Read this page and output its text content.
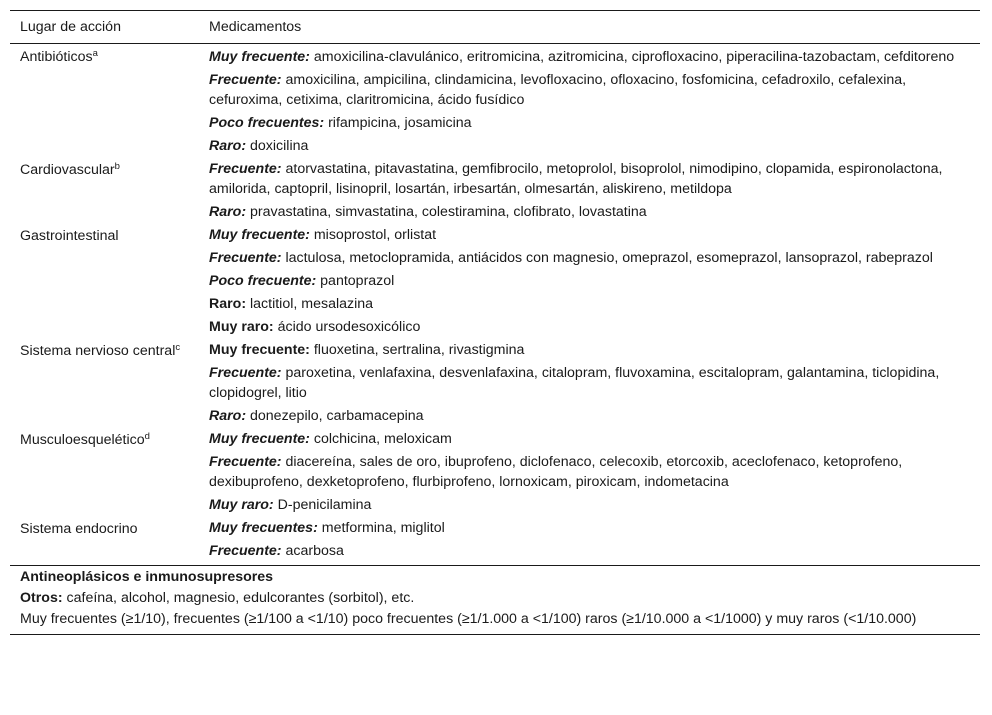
Lugar de acción	Medicamentos
Antibióticos$^a$	Muy frecuente: amoxicilina-clavulánico, eritromicina, azitromicina, ciprofloxacino, piperacilina-tazobactam, cefditoreno
	Frecuente: amoxicilina, ampicilina, clindamicina, levofloxacino, ofloxacino, fosfomicina, cefadroxilo, cefalexina, cefuroxima, cetixima, claritromicina, ácido fusídico
	Poco frecuentes: rifampicina, josamicina
	Raro: doxicilina
Cardiovascular$^b$	Frecuente: atorvastatina, pitavastatina, gemfibrocilo, metoprolol, bisoprolol, nimodipino, clopamida, espironolactona, amilorida, captopril, lisinopril, losartán, irbesartán, olmesartán, aliskireno, metildopa
	Raro: pravastatina, simvastatina, colestiramina, clofibrato, lovastatina
Gastrointestinal	Muy frecuente: misoprostol, orlistat
	Frecuente: lactulosa, metoclopramida, antiácidos con magnesio, omeprazol, esomeprazol, lansoprazol, rabeprazol
	Poco frecuente: pantoprazol
	Raro: lactitiol, mesalazina
	Muy raro: ácido ursodesoxicólico
Sistema nervioso central$^c$	Muy frecuente: fluoxetina, sertralina, rivastigmina
	Frecuente: paroxetina, venlafaxina, desvenlafaxina, citalopram, fluvoxamina, escitalopram, galantamina, ticlopidina, clopidogrel, litio
	Raro: donezepilo, carbamacepina
Musculoesquelético$^d$	Muy frecuente: colchicina, meloxicam
	Frecuente: diacereína, sales de oro, ibuprofeno, diclofenaco, celecoxib, etorcoxib, aceclofenaco, ketoprofeno, dexibuprofeno, dexketoprofeno, flurbiprofeno, lornoxicam, piroxicam, indometacina
	Muy raro: D-penicilamina
Sistema endocrino	Muy frecuentes: metformina, miglitol
	Frecuente: acarbosa
Antineoplásicos e inmunosupresores
Otros: cafeína, alcohol, magnesio, edulcorantes (sorbitol), etc.
Muy frecuentes (≥1/10), frecuentes (≥1/100 a <1/10) poco frecuentes (≥1/1.000 a <1/100) raros (≥1/10.000 a <1/1000) y muy raros (<1/10.000)
